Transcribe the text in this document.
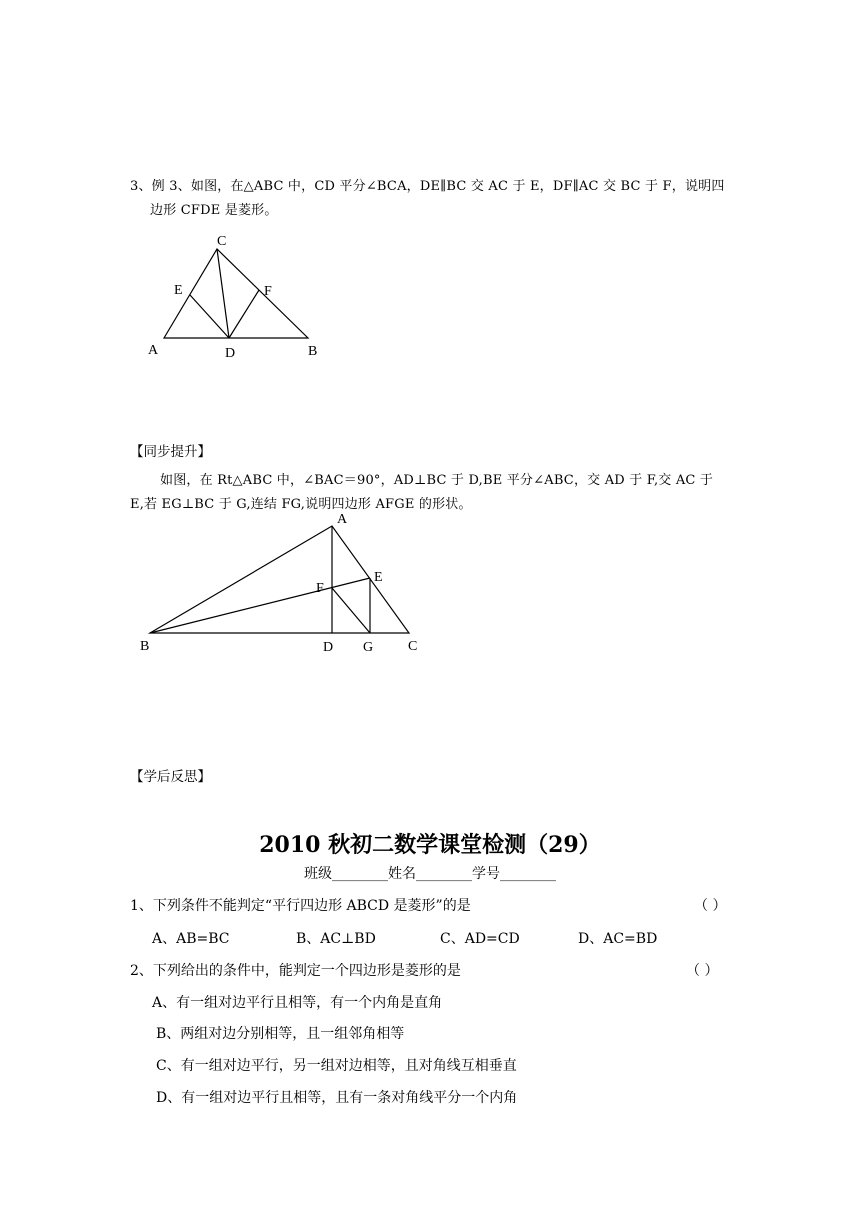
3、例 3、如图，在△ABC 中，CD 平分∠BCA，DE∥BC 交 AC 于 E，DF∥AC 交 BC 于 F，说明四
边形 CFDE 是菱形。
C
E	F
A	D	B
【同步提升】
如图，在 Rt△ABC 中，∠BAC＝90°，AD⊥BC 于 D,BE 平分∠ABC，交 AD 于 F,交 AC 于
E,若 EG⊥BC 于 G,连结 FG,说明四边形 AFGE 的形状。
A
E
F
B	D G C
【学后反思】
2010 秋初二数学课堂检测（29）
班级________姓名________学号________
1、下列条件不能判定“平行四边形 ABCD 是菱形”的是	（ ）
A、AB=BC	B、AC⊥BD	C、AD=CD	D、AC=BD
2、下列给出的条件中，能判定一个四边形是菱形的是	（ ）
A、有一组对边平行且相等，有一个内角是直角
B、两组对边分别相等，且一组邻角相等
C、有一组对边平行，另一组对边相等，且对角线互相垂直
D、有一组对边平行且相等，且有一条对角线平分一个内角
